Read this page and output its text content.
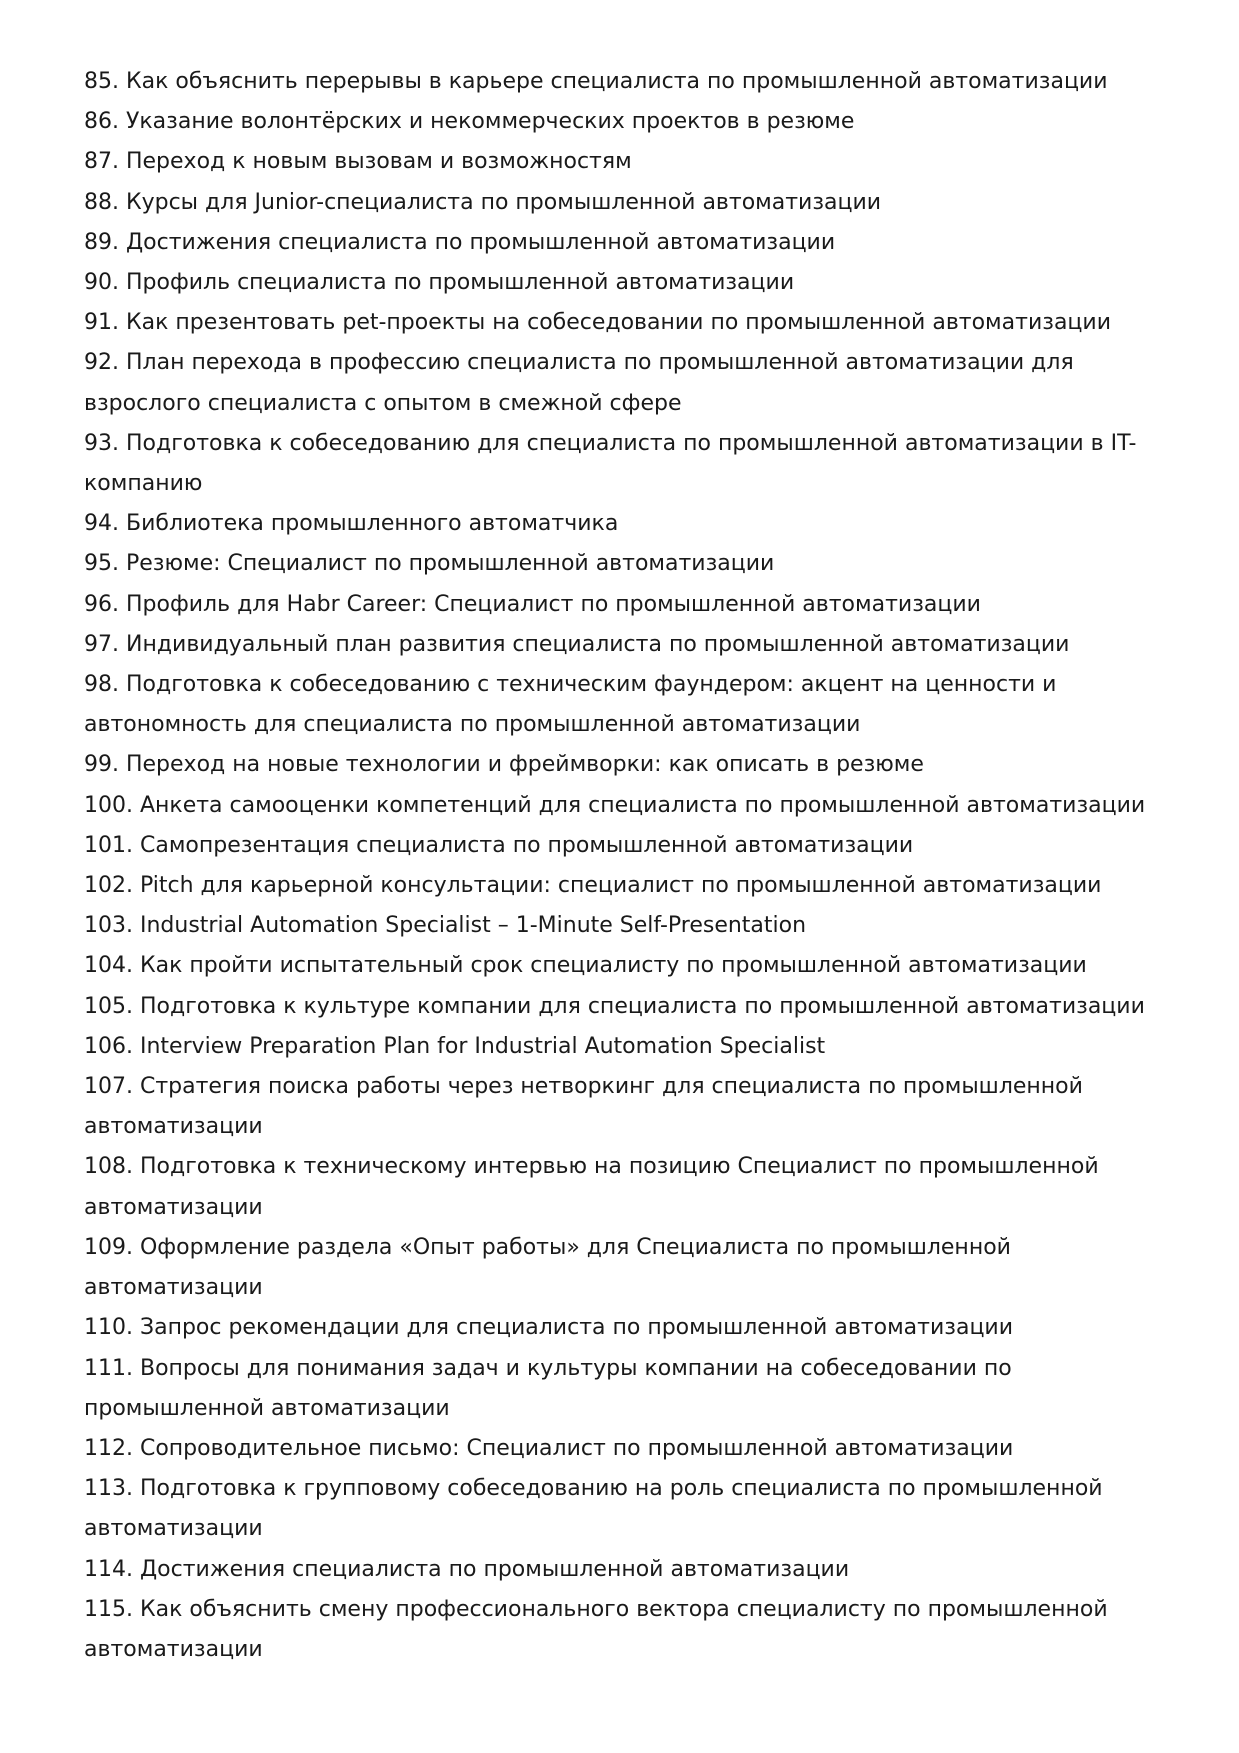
85. Как объяснить перерывы в карьере специалиста по промышленной автоматизации
86. Указание волонтёрских и некоммерческих проектов в резюме
87. Переход к новым вызовам и возможностям
88. Курсы для Junior-специалиста по промышленной автоматизации
89. Достижения специалиста по промышленной автоматизации
90. Профиль специалиста по промышленной автоматизации
91. Как презентовать pet-проекты на собеседовании по промышленной автоматизации
92. План перехода в профессию специалиста по промышленной автоматизации для взрослого специалиста с опытом в смежной сфере
93. Подготовка к собеседованию для специалиста по промышленной автоматизации в IT-компанию
94. Библиотека промышленного автоматчика
95. Резюме: Специалист по промышленной автоматизации
96. Профиль для Habr Career: Специалист по промышленной автоматизации
97. Индивидуальный план развития специалиста по промышленной автоматизации
98. Подготовка к собеседованию с техническим фаундером: акцент на ценности и автономность для специалиста по промышленной автоматизации
99. Переход на новые технологии и фреймворки: как описать в резюме
100. Анкета самооценки компетенций для специалиста по промышленной автоматизации
101. Самопрезентация специалиста по промышленной автоматизации
102. Pitch для карьерной консультации: специалист по промышленной автоматизации
103. Industrial Automation Specialist – 1-Minute Self-Presentation
104. Как пройти испытательный срок специалисту по промышленной автоматизации
105. Подготовка к культуре компании для специалиста по промышленной автоматизации
106. Interview Preparation Plan for Industrial Automation Specialist
107. Стратегия поиска работы через нетворкинг для специалиста по промышленной автоматизации
108. Подготовка к техническому интервью на позицию Специалист по промышленной автоматизации
109. Оформление раздела «Опыт работы» для Специалиста по промышленной автоматизации
110. Запрос рекомендации для специалиста по промышленной автоматизации
111. Вопросы для понимания задач и культуры компании на собеседовании по промышленной автоматизации
112. Сопроводительное письмо: Специалист по промышленной автоматизации
113. Подготовка к групповому собеседованию на роль специалиста по промышленной автоматизации
114. Достижения специалиста по промышленной автоматизации
115. Как объяснить смену профессионального вектора специалисту по промышленной автоматизации
